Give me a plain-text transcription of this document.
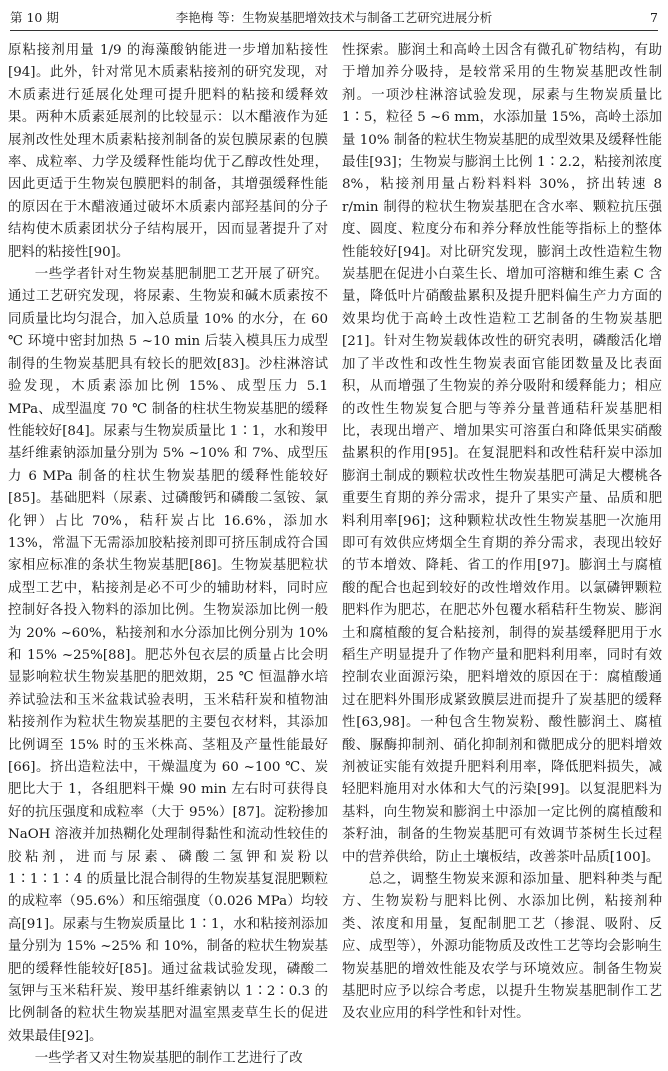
第 10 期	李艳梅 等：生物炭基肥增效技术与制备工艺研究进展分析	7

原粘接剂用量 1/9 的海藻酸钠能进一步增加粘接性[94]。此外，针对常见木质素粘接剂的研究发现，对木质素进行延展化处理可提升肥料的粘接和缓释效果。两种木质素延展剂的比较显示：以木醋液作为延展剂改性处理木质素粘接剂制备的炭包膜尿素的包膜率、成粒率、力学及缓释性能均优于乙醇改性处理，因此更适于生物炭包膜肥料的制备，其增强缓释性能的原因在于木醋液通过破坏木质素内部羟基间的分子结构使木质素团状分子结构展开，因而显著提升了对肥料的粘接性[90]。

一些学者针对生物炭基肥制肥工艺开展了研究。通过工艺研究发现，将尿素、生物炭和碱木质素按不同质量比均匀混合，加入总质量 10% 的水分，在 60 ℃ 环境中密封加热 5 ~10 min 后装入模具压力成型制得的生物炭基肥具有较长的肥效[83]。沙柱淋溶试验发现，木质素添加比例 15%、成型压力 5.1 MPa、成型温度 70 ℃ 制备的柱状生物炭基肥的缓释性能较好[84]。尿素与生物炭质量比 1∶1，水和羧甲基纤维素钠添加量分别为 5% ~10% 和 7%、成型压力 6 MPa 制备的柱状生物炭基肥的缓释性能较好[85]。基础肥料（尿素、过磷酸钙和磷酸二氢铵、氯化钾）占比 70%，秸秆炭占比 16.6%，添加水 13%，常温下无需添加胶粘接剂即可挤压制成符合国家相应标准的条状生物炭基肥[86]。生物炭基肥粒状成型工艺中，粘接剂是必不可少的辅助材料，同时应控制好各投入物料的添加比例。生物炭添加比例一般为 20% ~60%，粘接剂和水分添加比例分别为 10% 和 15% ~25%[88]。肥芯外包衣层的质量占比会明显影响粒状生物炭基肥的肥效期，25 ℃ 恒温静水培养试验法和玉米盆栽试验表明，玉米秸秆炭和植物油粘接剂作为粒状生物炭基肥的主要包衣材料，其添加比例调至 15% 时的玉米株高、茎粗及产量性能最好[66]。挤出造粒法中，干燥温度为 60 ~100 ℃、炭肥比大于 1，各组肥料干燥 90 min 左右时可获得良好的抗压强度和成粒率（大于 95%）[87]。淀粉掺加 NaOH 溶液并加热糊化处理制得黏性和流动性较佳的胶粘剂，进而与尿素、磷酸二氢钾和炭粉以 1∶1∶1∶4 的质量比混合制得的生物炭基复混肥颗粒的成粒率（95.6%）和压缩强度（0.026 MPa）均较高[91]。尿素与生物炭质量比 1∶1，水和粘接剂添加量分别为 15% ~25% 和 10%，制备的粒状生物炭基肥的缓释性能较好[85]。通过盆栽试验发现，磷酸二氢钾与玉米秸秆炭、羧甲基纤维素钠以 1∶2∶0.3 的比例制备的粒状生物炭基肥对温室黑麦草生长的促进效果最佳[92]。

一些学者又对生物炭基肥的制作工艺进行了改

性探索。膨润土和高岭土因含有微孔矿物结构，有助于增加养分吸持，是较常采用的生物炭基肥改性制剂。一项沙柱淋溶试验发现，尿素与生物炭质量比 1∶5，粒径 5 ~6 mm，水添加量 15%，高岭土添加量 10% 制备的粒状生物炭基肥的成型效果及缓释性能最佳[93]；生物炭与膨润土比例 1∶2.2，粘接剂浓度 8%，粘接剂用量占粉料料料 30%，挤出转速 8 r/min 制得的粒状生物炭基肥在含水率、颗粒抗压强度、圆度、粒度分布和养分释放性能等指标上的整体性能较好[94]。对比研究发现，膨润土改性造粒生物炭基肥在促进小白菜生长、增加可溶糖和维生素 C 含量，降低叶片硝酸盐累积及提升肥料偏生产力方面的效果均优于高岭土改性造粒工艺制备的生物炭基肥[21]。针对生物炭载体改性的研究表明，磷酸活化增加了半改性和改性生物炭表面官能团数量及比表面积，从而增强了生物炭的养分吸附和缓释能力；相应的改性生物炭复合肥与等养分量普通秸秆炭基肥相比，表现出增产、增加果实可溶蛋白和降低果实硝酸盐累积的作用[95]。在复混肥料和改性秸秆炭中添加膨润土制成的颗粒状改性生物炭基肥可满足大樱桃各重要生育期的养分需求，提升了果实产量、品质和肥料利用率[96]；这种颗粒状改性生物炭基肥一次施用即可有效供应烤烟全生育期的养分需求，表现出较好的节本增效、降耗、省工的作用[97]。膨润土与腐植酸的配合也起到较好的改性增效作用。以氯磷钾颗粒肥料作为肥芯，在肥芯外包覆水稻秸秆生物炭、膨润土和腐植酸的复合粘接剂，制得的炭基缓释肥用于水稻生产明显提升了作物产量和肥料利用率，同时有效控制农业面源污染，肥料增效的原因在于：腐植酸通过在肥料外围形成紧致膜层进而提升了炭基肥的缓释性[63,98]。一种包含生物炭粉、酸性膨润土、腐植酸、脲酶抑制剂、硝化抑制剂和微肥成分的肥料增效剂被证实能有效提升肥料利用率，降低肥料损失，减轻肥料施用对水体和大气的污染[99]。以复混肥料为基料，向生物炭和膨润土中添加一定比例的腐植酸和茶籽油，制备的生物炭基肥可有效调节茶树生长过程中的营养供给，防止土壤板结，改善茶叶品质[100]。

总之，调整生物炭来源和添加量、肥料种类与配方、生物炭粉与肥料比例、水添加比例，粘接剂种类、浓度和用量，复配制肥工艺（掺混、吸附、反应、成型等），外源功能物质及改性工艺等均会影响生物炭基肥的增效性能及农学与环境效应。制备生物炭基肥时应予以综合考虑，以提升生物炭基肥制作工艺及农业应用的科学性和针对性。
